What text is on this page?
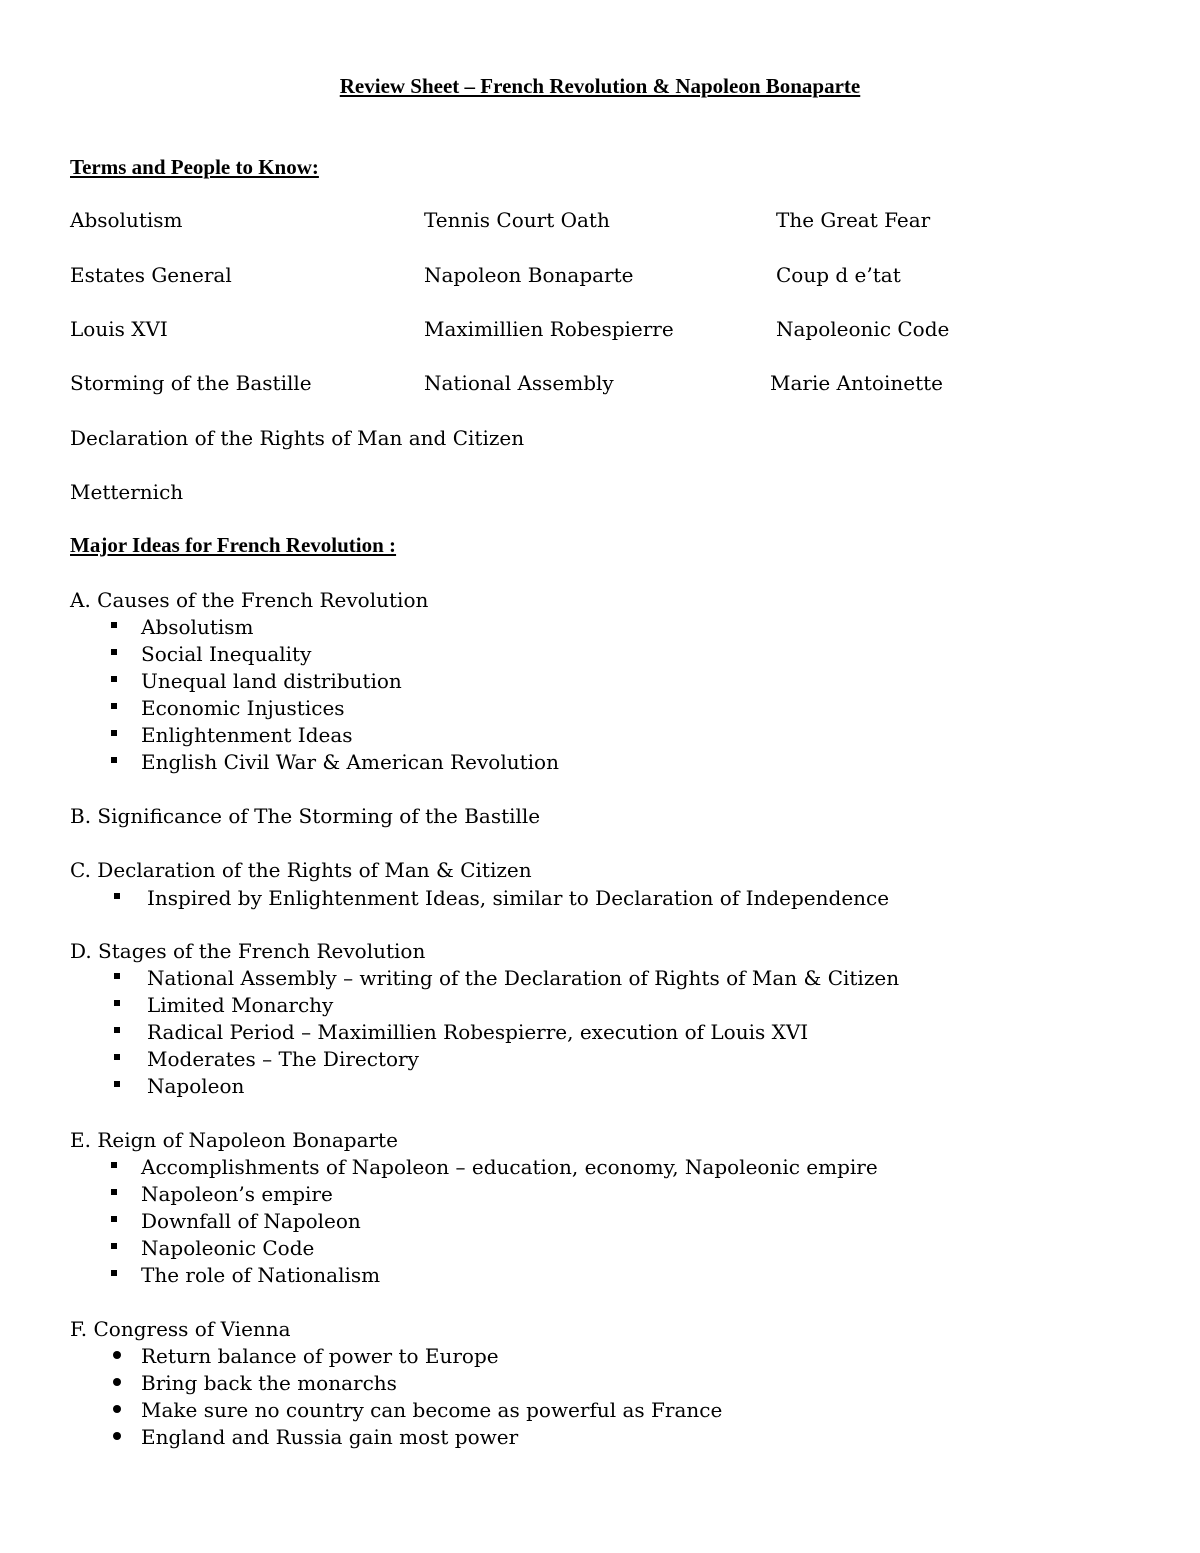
Review Sheet – French Revolution & Napoleon Bonaparte
Terms and People to Know:
Absolutism	Tennis Court Oath	The Great Fear
Estates General	Napoleon Bonaparte	Coup d e’tat
Louis XVI	Maximillien Robespierre	Napoleonic Code
Storming of the Bastille	National Assembly	Marie Antoinette
Declaration of the Rights of Man and Citizen
Metternich
Major Ideas for French Revolution :
A. Causes of the French Revolution
Absolutism
Social Inequality
Unequal land distribution
Economic Injustices
Enlightenment Ideas
English Civil War & American Revolution
B. Significance of The Storming of the Bastille
C. Declaration of the Rights of Man & Citizen
Inspired by Enlightenment Ideas, similar to Declaration of Independence
D. Stages of the French Revolution
National Assembly – writing of the Declaration of Rights of Man & Citizen
Limited Monarchy
Radical Period – Maximillien Robespierre, execution of Louis XVI
Moderates – The Directory
Napoleon
E. Reign of Napoleon Bonaparte
Accomplishments of Napoleon – education, economy, Napoleonic empire
Napoleon’s empire
Downfall of Napoleon
Napoleonic Code
The role of Nationalism
F. Congress of Vienna
Return balance of power to Europe
Bring back the monarchs
Make sure no country can become as powerful as France
England and Russia gain most power
